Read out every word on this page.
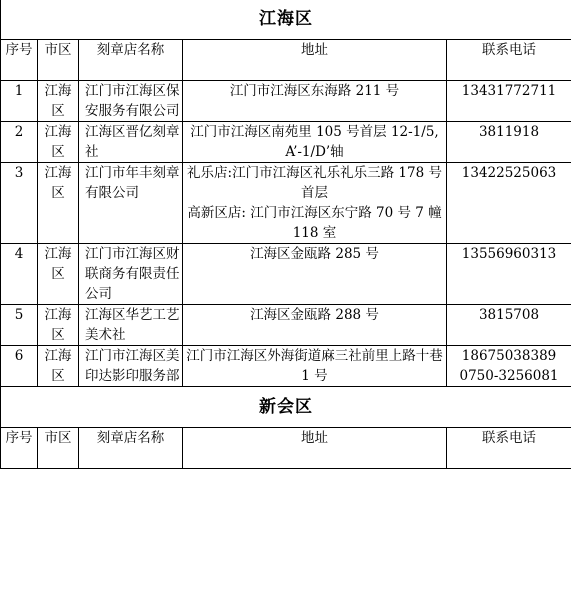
江海区				
序号	市区	刻章店名称	地址	联系电话
1	江海区	江门市江海区保安服务有限公司	江门市江海区东海路 211 号	13431772711

2	江海区	江海区晋亿刻章社	江门市江海区南苑里 105 号首层 12-1/5,A’-1/D’轴	3811918

3	江海区	江门市年丰刻章有限公司	礼乐店:江门市江海区礼乐礼乐三路 178 号首层
高新区店: 江门市江海区东宁路 70 号 7 幢 118 室	13422525063

4	江海区	江门市江海区财联商务有限责任公司	江海区金瓯路 285 号	13556960313

5	江海区	江海区华艺工艺美术社	江海区金瓯路 288 号	3815708

6	江海区	江门市江海区美印达影印服务部	江门市江海区外海街道麻三社前里上路十巷 1 号	18675038389
0750-3256081

新会区				
序号	市区	刻章店名称	地址	联系电话
